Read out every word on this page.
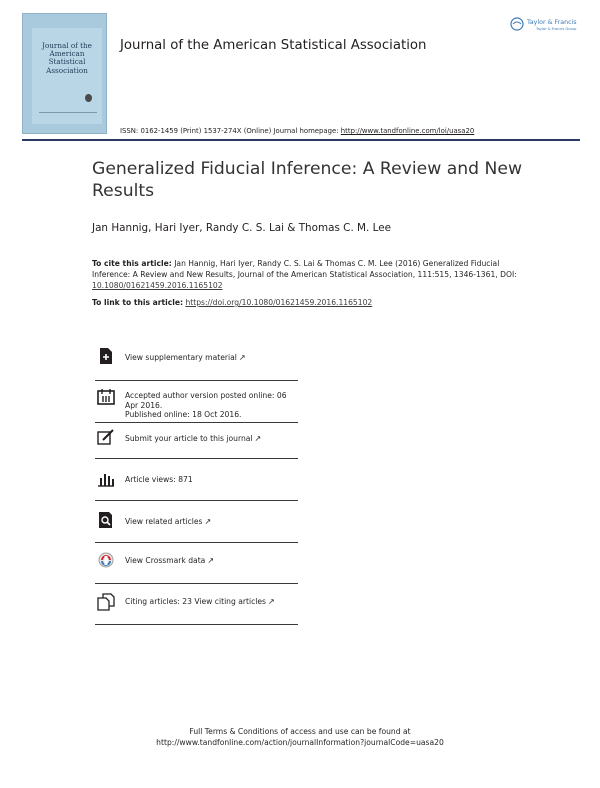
Journal of the American Statistical Association
Journal of the American Statistical Association
Taylor & Francis
Taylor & Francis Group
ISSN: 0162-1459 (Print) 1537-274X (Online) Journal homepage: http://www.tandfonline.com/loi/uasa20
Generalized Fiducial Inference: A Review and New Results
Jan Hannig, Hari Iyer, Randy C. S. Lai & Thomas C. M. Lee
To cite this article: Jan Hannig, Hari Iyer, Randy C. S. Lai & Thomas C. M. Lee (2016) Generalized Fiducial Inference: A Review and New Results, Journal of the American Statistical Association, 111:515, 1346-1361, DOI: 10.1080/01621459.2016.1165102
To link to this article: https://doi.org/10.1080/01621459.2016.1165102
View supplementary material ↗
Accepted author version posted online: 06 Apr 2016.
Published online: 18 Oct 2016.
Submit your article to this journal ↗
Article views: 871
View related articles ↗
View Crossmark data ↗
Citing articles: 23 View citing articles ↗
Full Terms & Conditions of access and use can be found at
http://www.tandfonline.com/action/journalInformation?journalCode=uasa20
